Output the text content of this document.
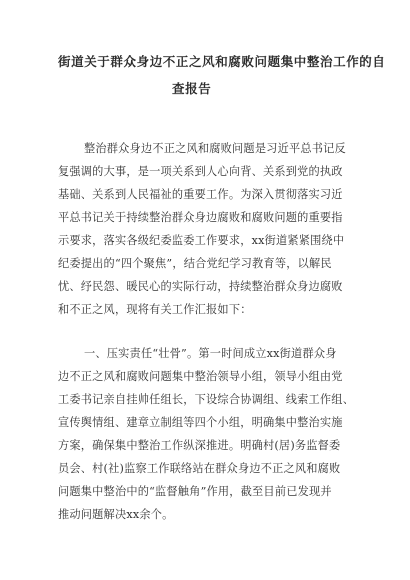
街道关于群众身边不正之风和腐败问题集中整治工作的自
查报告
整治群众身边不正之风和腐败问题是习近平总书记反
复强调的大事，是一项关系到人心向背、关系到党的执政
基础、关系到人民福祉的重要工作。为深入贯彻落实习近
平总书记关于持续整治群众身边腐败和腐败问题的重要指
示要求，落实各级纪委监委工作要求，xx街道紧紧围绕中
纪委提出的“四个聚焦”，结合党纪学习教育等，以解民
忧、纾民怨、暖民心的实际行动，持续整治群众身边腐败
和不正之风，现将有关工作汇报如下：
一、压实责任“壮骨”。第一时间成立xx街道群众身
边不正之风和腐败问题集中整治领导小组，领导小组由党
工委书记亲自挂帅任组长，下设综合协调组、线索工作组、
宣传舆情组、建章立制组等四个小组，明确集中整治实施
方案，确保集中整治工作纵深推进。明确村(居)务监督委
员会、村(社)监察工作联络站在群众身边不正之风和腐败
问题集中整治中的“监督触角”作用，截至目前已发现并
推动问题解决xx余个。
